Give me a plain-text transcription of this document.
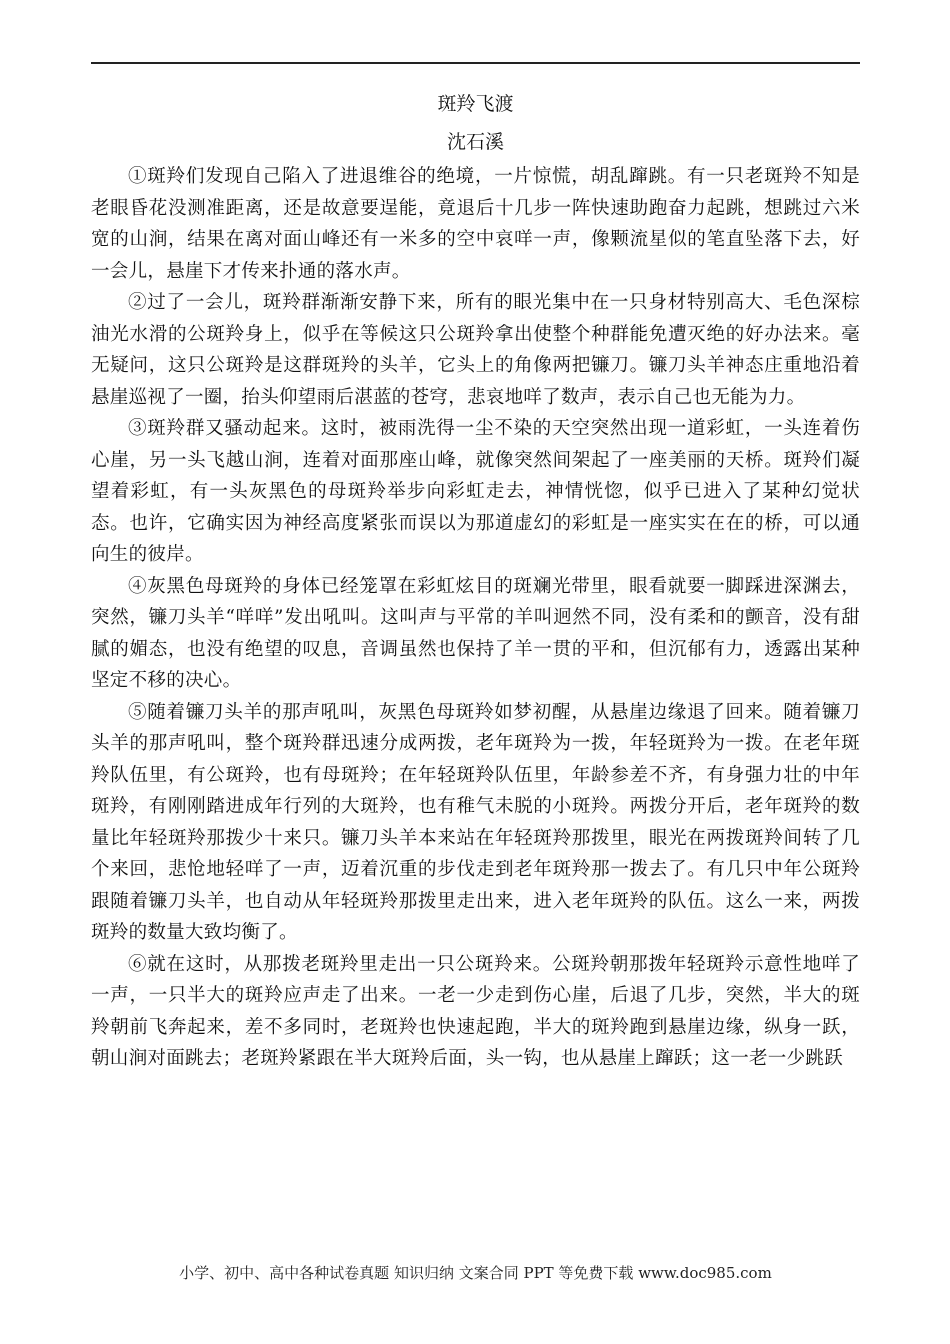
斑羚飞渡
沈石溪

①斑羚们发现自己陷入了进退维谷的绝境，一片惊慌，胡乱蹿跳。有一只老斑羚不知是老眼昏花没测准距离，还是故意要逞能，竟退后十几步一阵快速助跑奋力起跳，想跳过六米宽的山涧，结果在离对面山峰还有一米多的空中哀咩一声，像颗流星似的笔直坠落下去，好一会儿，悬崖下才传来扑通的落水声。

②过了一会儿，斑羚群渐渐安静下来，所有的眼光集中在一只身材特别高大、毛色深棕油光水滑的公斑羚身上，似乎在等候这只公斑羚拿出使整个种群能免遭灭绝的好办法来。毫无疑问，这只公斑羚是这群斑羚的头羊，它头上的角像两把镰刀。镰刀头羊神态庄重地沿着悬崖巡视了一圈，抬头仰望雨后湛蓝的苍穹，悲哀地咩了数声，表示自己也无能为力。

③斑羚群又骚动起来。这时，被雨洗得一尘不染的天空突然出现一道彩虹，一头连着伤心崖，另一头飞越山涧，连着对面那座山峰，就像突然间架起了一座美丽的天桥。斑羚们凝望着彩虹，有一头灰黑色的母斑羚举步向彩虹走去，神情恍惚，似乎已进入了某种幻觉状态。也许，它确实因为神经高度紧张而误以为那道虚幻的彩虹是一座实实在在的桥，可以通向生的彼岸。

④灰黑色母斑羚的身体已经笼罩在彩虹炫目的斑斓光带里，眼看就要一脚踩进深渊去，突然，镰刀头羊“咩咩”发出吼叫。这叫声与平常的羊叫迥然不同，没有柔和的颤音，没有甜腻的媚态，也没有绝望的叹息，音调虽然也保持了羊一贯的平和，但沉郁有力，透露出某种坚定不移的决心。

⑤随着镰刀头羊的那声吼叫，灰黑色母斑羚如梦初醒，从悬崖边缘退了回来。随着镰刀头羊的那声吼叫，整个斑羚群迅速分成两拨，老年斑羚为一拨，年轻斑羚为一拨。在老年斑羚队伍里，有公斑羚，也有母斑羚；在年轻斑羚队伍里，年龄参差不齐，有身强力壮的中年斑羚，有刚刚踏进成年行列的大斑羚，也有稚气未脱的小斑羚。两拨分开后，老年斑羚的数量比年轻斑羚那拨少十来只。镰刀头羊本来站在年轻斑羚那拨里，眼光在两拨斑羚间转了几个来回，悲怆地轻咩了一声，迈着沉重的步伐走到老年斑羚那一拨去了。有几只中年公斑羚跟随着镰刀头羊，也自动从年轻斑羚那拨里走出来，进入老年斑羚的队伍。这么一来，两拨斑羚的数量大致均衡了。

⑥就在这时，从那拨老斑羚里走出一只公斑羚来。公斑羚朝那拨年轻斑羚示意性地咩了一声，一只半大的斑羚应声走了出来。一老一少走到伤心崖，后退了几步，突然，半大的斑羚朝前飞奔起来，差不多同时，老斑羚也快速起跑，半大的斑羚跑到悬崖边缘，纵身一跃，朝山涧对面跳去；老斑羚紧跟在半大斑羚后面，头一钩，也从悬崖上蹿跃；这一老一少跳跃

小学、初中、高中各种试卷真题 知识归纳 文案合同 PPT 等免费下载 www.doc985.com
